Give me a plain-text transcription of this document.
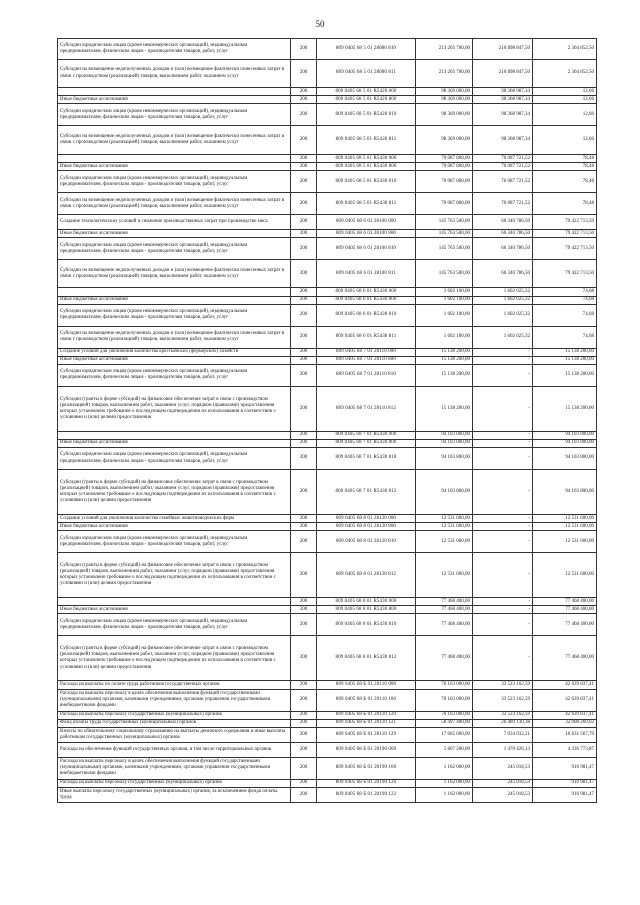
50
Субсидии юридическим лицам (кроме некоммерческих организаций), индивидуальным предпринимателям, физическим лицам - производителям товаров, работ, услуг	200	809 0405 68 5 01 28080 810	213 203 700,00	210 898 847,50	2 304 852,50
Субсидии на возмещение недополученных доходов и (или) возмещение фактически понесенных затрат в связи с производством (реализацией) товаров, выполнением работ, оказанием услуг	200	809 0405 68 5 01 28080 811	213 203 700,00	210 898 847,50	2 304 852,50
	200	809 0405 68 5 01 R5420 000	98 369 000,00	98 368 987,34	12,66
Иные бюджетные ассигнования	200	809 0405 68 5 01 R5420 800	98 369 000,00	98 368 987,34	12,66
Субсидии юридическим лицам (кроме некоммерческих организаций), индивидуальным предпринимателям, физическим лицам - производителям товаров, работ, услуг	200	809 0405 68 5 01 R5420 810	98 369 000,00	98 368 987,34	12,66
Субсидии на возмещение недополученных доходов и (или) возмещение фактически понесенных затрат в связи с производством (реализацией) товаров, выполнением работ, оказанием услуг	200	809 0405 68 5 01 R5420 811	98 369 000,00	98 368 987,34	12,66
	200	809 0405 68 5 01 R5430 000	70 087 800,00	70 087 721,52	78,48
Иные бюджетные ассигнования	200	809 0405 68 5 01 R5430 800	70 087 800,00	70 087 721,52	78,48
Субсидии юридическим лицам (кроме некоммерческих организаций), индивидуальным предпринимателям, физическим лицам - производителям товаров, работ, услуг	200	809 0405 68 5 01 R5430 810	70 087 800,00	70 087 721,52	78,48
Субсидии на возмещение недополученных доходов и (или) возмещение фактически понесенных затрат в связи с производством (реализацией) товаров, выполнением работ, оказанием услуг	200	809 0405 68 5 01 R5430 811	70 087 800,00	70 087 721,52	78,48
Создание технологических условий и снижение производственных затрат при производстве мяса	200	809 0405 68 6 01 28100 000	145 763 500,00	66 340 786,50	79 422 713,50
Иные бюджетные ассигнования	200	809 0405 68 6 01 28100 800	145 763 500,00	66 340 786,50	79 422 713,50
Субсидии юридическим лицам (кроме некоммерческих организаций), индивидуальным предпринимателям, физическим лицам - производителям товаров, работ, услуг	200	809 0405 68 6 01 28100 810	145 763 500,00	66 340 786,50	79 422 713,50
Субсидии на возмещение недополученных доходов и (или) возмещение фактически понесенных затрат в связи с производством (реализацией) товаров, выполнением работ, оказанием услуг	200	809 0405 68 6 01 28100 811	145 763 500,00	66 340 786,50	79 422 713,50
	200	809 0405 68 6 01 R5430 000	1 602 100,00	1 602 025,32	74,68
Иные бюджетные ассигнования	200	809 0405 68 6 01 R5430 800	1 602 100,00	1 602 025,32	74,68
Субсидии юридическим лицам (кроме некоммерческих организаций), индивидуальным предпринимателям, физическим лицам - производителям товаров, работ, услуг	200	809 0405 68 6 01 R5430 810	1 602 100,00	1 602 025,32	74,68
Субсидии на возмещение недополученных доходов и (или) возмещение фактически понесенных затрат в связи с производством (реализацией) товаров, выполнением работ, оказанием услуг	200	809 0405 68 6 01 R5430 811	1 602 100,00	1 602 025,32	74,68
Создание условий для увеличения количества крестьянских (фермерских) хозяйств	200	809 0405 68 7 01 28110 000	15 138 200,00	-	15 138 200,00
Иные бюджетные ассигнования	200	809 0405 68 7 01 28110 800	15 138 200,00	-	15 138 200,00
Субсидии юридическим лицам (кроме некоммерческих организаций), индивидуальным предпринимателям, физическим лицам - производителям товаров, работ, услуг	200	809 0405 68 7 01 28110 810	15 138 200,00	-	15 138 200,00
Субсидии (гранты в форме субсидий) на финансовое обеспечение затрат в связи с производством (реализацией) товаров, выполнением работ, оказанием услуг, порядком (правилами) предоставления которых установлено требование о последующем подтверждении их использования в соответствии с условиями и (или) целями предоставления	200	809 0405 68 7 01 28110 812	15 138 200,00	-	15 138 200,00
	200	809 0405 68 7 01 R5430 000	94 103 800,00	-	94 103 800,00
Иные бюджетные ассигнования	200	809 0405 68 7 01 R5430 800	94 103 800,00	-	94 103 800,00
Субсидии юридическим лицам (кроме некоммерческих организаций), индивидуальным предпринимателям, физическим лицам - производителям товаров, работ, услуг	200	809 0405 68 7 01 R5430 810	94 103 800,00	-	94 103 800,00
Субсидии (гранты в форме субсидий) на финансовое обеспечение затрат в связи с производством (реализацией) товаров, выполнением работ, оказанием услуг, порядком (правилами) предоставления которых установлено требование о последующем подтверждении их использования в соответствии с условиями и (или) целями предоставления	200	809 0405 68 7 01 R5430 812	94 103 800,00	-	94 103 800,00
Создание условий для увеличения количества семейных животноводческих ферм	200	809 0405 68 8 01 28120 000	12 531 600,00	-	12 531 600,00
Иные бюджетные ассигнования	200	809 0405 68 8 01 28120 800	12 531 600,00	-	12 531 600,00
Субсидии юридическим лицам (кроме некоммерческих организаций), индивидуальным предпринимателям, физическим лицам - производителям товаров, работ, услуг	200	809 0405 68 8 01 28120 810	12 531 600,00	-	12 531 600,00
Субсидии (гранты в форме субсидий) на финансовое обеспечение затрат в связи с производством (реализацией) товаров, выполнением работ, оказанием услуг, порядком (правилами) предоставления которых установлено требование о последующем подтверждении их использования в соответствии с условиями и (или) целями предоставления	200	809 0405 68 8 01 28120 812	12 531 600,00	-	12 531 600,00
	200	809 0405 68 8 01 R5430 000	77 468 400,00	-	77 468 400,00
Иные бюджетные ассигнования	200	809 0405 68 8 01 R5430 800	77 468 400,00	-	77 468 400,00
Субсидии юридическим лицам (кроме некоммерческих организаций), индивидуальным предпринимателям, физическим лицам - производителям товаров, работ, услуг	200	809 0405 68 8 01 R5430 810	77 468 400,00	-	77 468 400,00
Субсидии (гранты в форме субсидий) на финансовое обеспечение затрат в связи с производством (реализацией) товаров, выполнением работ, оказанием услуг, порядком (правилами) предоставления которых установлено требование о последующем подтверждении их использования в соответствии с условиями и (или) целями предоставления	200	809 0405 68 8 01 R5430 812	77 468 400,00	-	77 468 400,00
Расходы на выплаты по оплате труда работников государственных органов	200	809 0405 68 Б 01 20110 000	76 163 000,00	33 523 162,59	42 639 837,41
Расходы на выплаты персоналу в целях обеспечения выполнения функций государственными (муниципальными) органами, казенными учреждениями, органами управления государственными внебюджетными фондами	200	809 0405 68 Б 01 20110 100	76 163 000,00	33 523 162,59	42 639 837,41
Расходы на выплаты персоналу государственных (муниципальных) органов	200	809 0405 68 Б 01 20110 120	76 163 000,00	33 523 162,59	42 639 837,41
Фонд оплаты труда государственных (муниципальных) органов	200	809 0405 68 Б 01 20110 121	58 497 400,00	26 489 130,38	32 008 269,62
Взносы по обязательному социальному страхованию на выплаты денежного содержания и иные выплаты работникам государственных (муниципальных) органов	200	809 0405 68 Б 01 20110 129	17 665 600,00	7 034 032,21	10 631 567,79
Расходы на обеспечение функций государственных органов, в том числе территориальных органов	200	809 0405 68 Б 01 20190 000	5 807 200,00	1 470 426,13	4 336 773,87
Расходы на выплаты персоналу в целях обеспечения выполнения функций государственными (муниципальными) органами, казенными учреждениями, органами управления государственными внебюджетными фондами	200	809 0405 68 Б 01 20190 100	1 162 000,00	245 018,53	916 981,47
Расходы на выплаты персоналу государственных (муниципальных) органов	200	809 0405 68 Б 01 20190 120	1 162 000,00	245 018,53	916 981,47
Иные выплаты персоналу государственных (муниципальных) органов, за исключением фонда оплаты труда	200	809 0405 68 Б 01 20190 122	1 162 000,00	245 018,53	916 981,47
